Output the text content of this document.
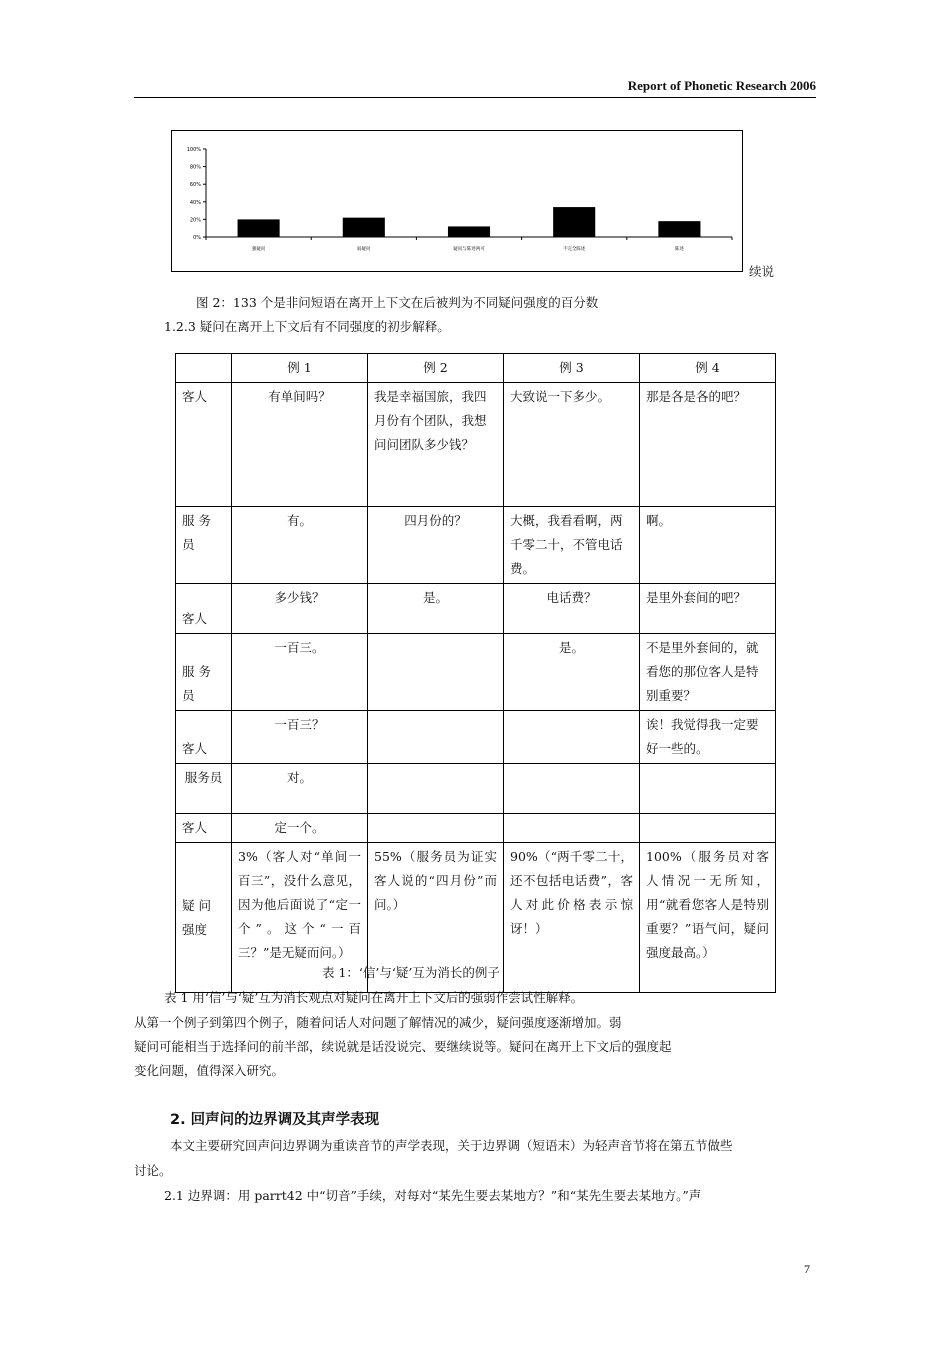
Report of Phonetic Research 2006
0%
20%
40%
60%
80%
100%
强疑问	弱疑问	疑问与陈述两可	不完全陈述	陈述
续说
图 2：133 个是非问短语在离开上下文在后被判为不同疑问强度的百分数
1.2.3 疑问在离开上下文后有不同强度的初步解释。
	例 1	例 2	例 3	例 4
客人	有单间吗？	我是幸福国旅，我四月份有个团队，我想问问团队多少钱？	大致说一下多少。	那是各是各的吧？
服 务 员	有。	四月份的？	大概，我看看啊，两千零二十，不管电话费。	啊。
客人	多少钱？	是。	电话费？	是里外套间的吧？
服 务 员	一百三。		是。	不是里外套间的，就看您的那位客人是特别重要？
客人	一百三？			诶！我觉得我一定要好一些的。
服务员	对。			
客人	定一个。			
疑 问 强度	3%（客人对“单间一百三”，没什么意见，因为他后面说了“定一个”。这个“一百三？”是无疑而问。）	55%（服务员为证实客人说的“四月份”而问。）	90%（“两千零二十，还不包括电话费”，客人对此价格表示惊讶！）	100%（服务员对客人情况一无所知，用“就看您客人是特别重要？”语气问，疑问强度最高。）
表 1：‘信’与‘疑’互为消长的例子
表 1 用‘信’与‘疑’互为消长观点对疑问在离开上下文后的强弱作尝试性解释。
从第一个例子到第四个例子，随着问话人对问题了解情况的减少，疑问强度逐渐增加。弱
疑问可能相当于选择问的前半部，续说就是话没说完、要继续说等。疑问在离开上下文后的强度起
变化问题，值得深入研究。
2. 回声问的边界调及其声学表现
本文主要研究回声问边界调为重读音节的声学表现，关于边界调（短语末）为轻声音节将在第五节做些
讨论。
2.1 边界调：用 parrt42 中“切音”手续，对每对“某先生要去某地方？”和“某先生要去某地方。”声
7
